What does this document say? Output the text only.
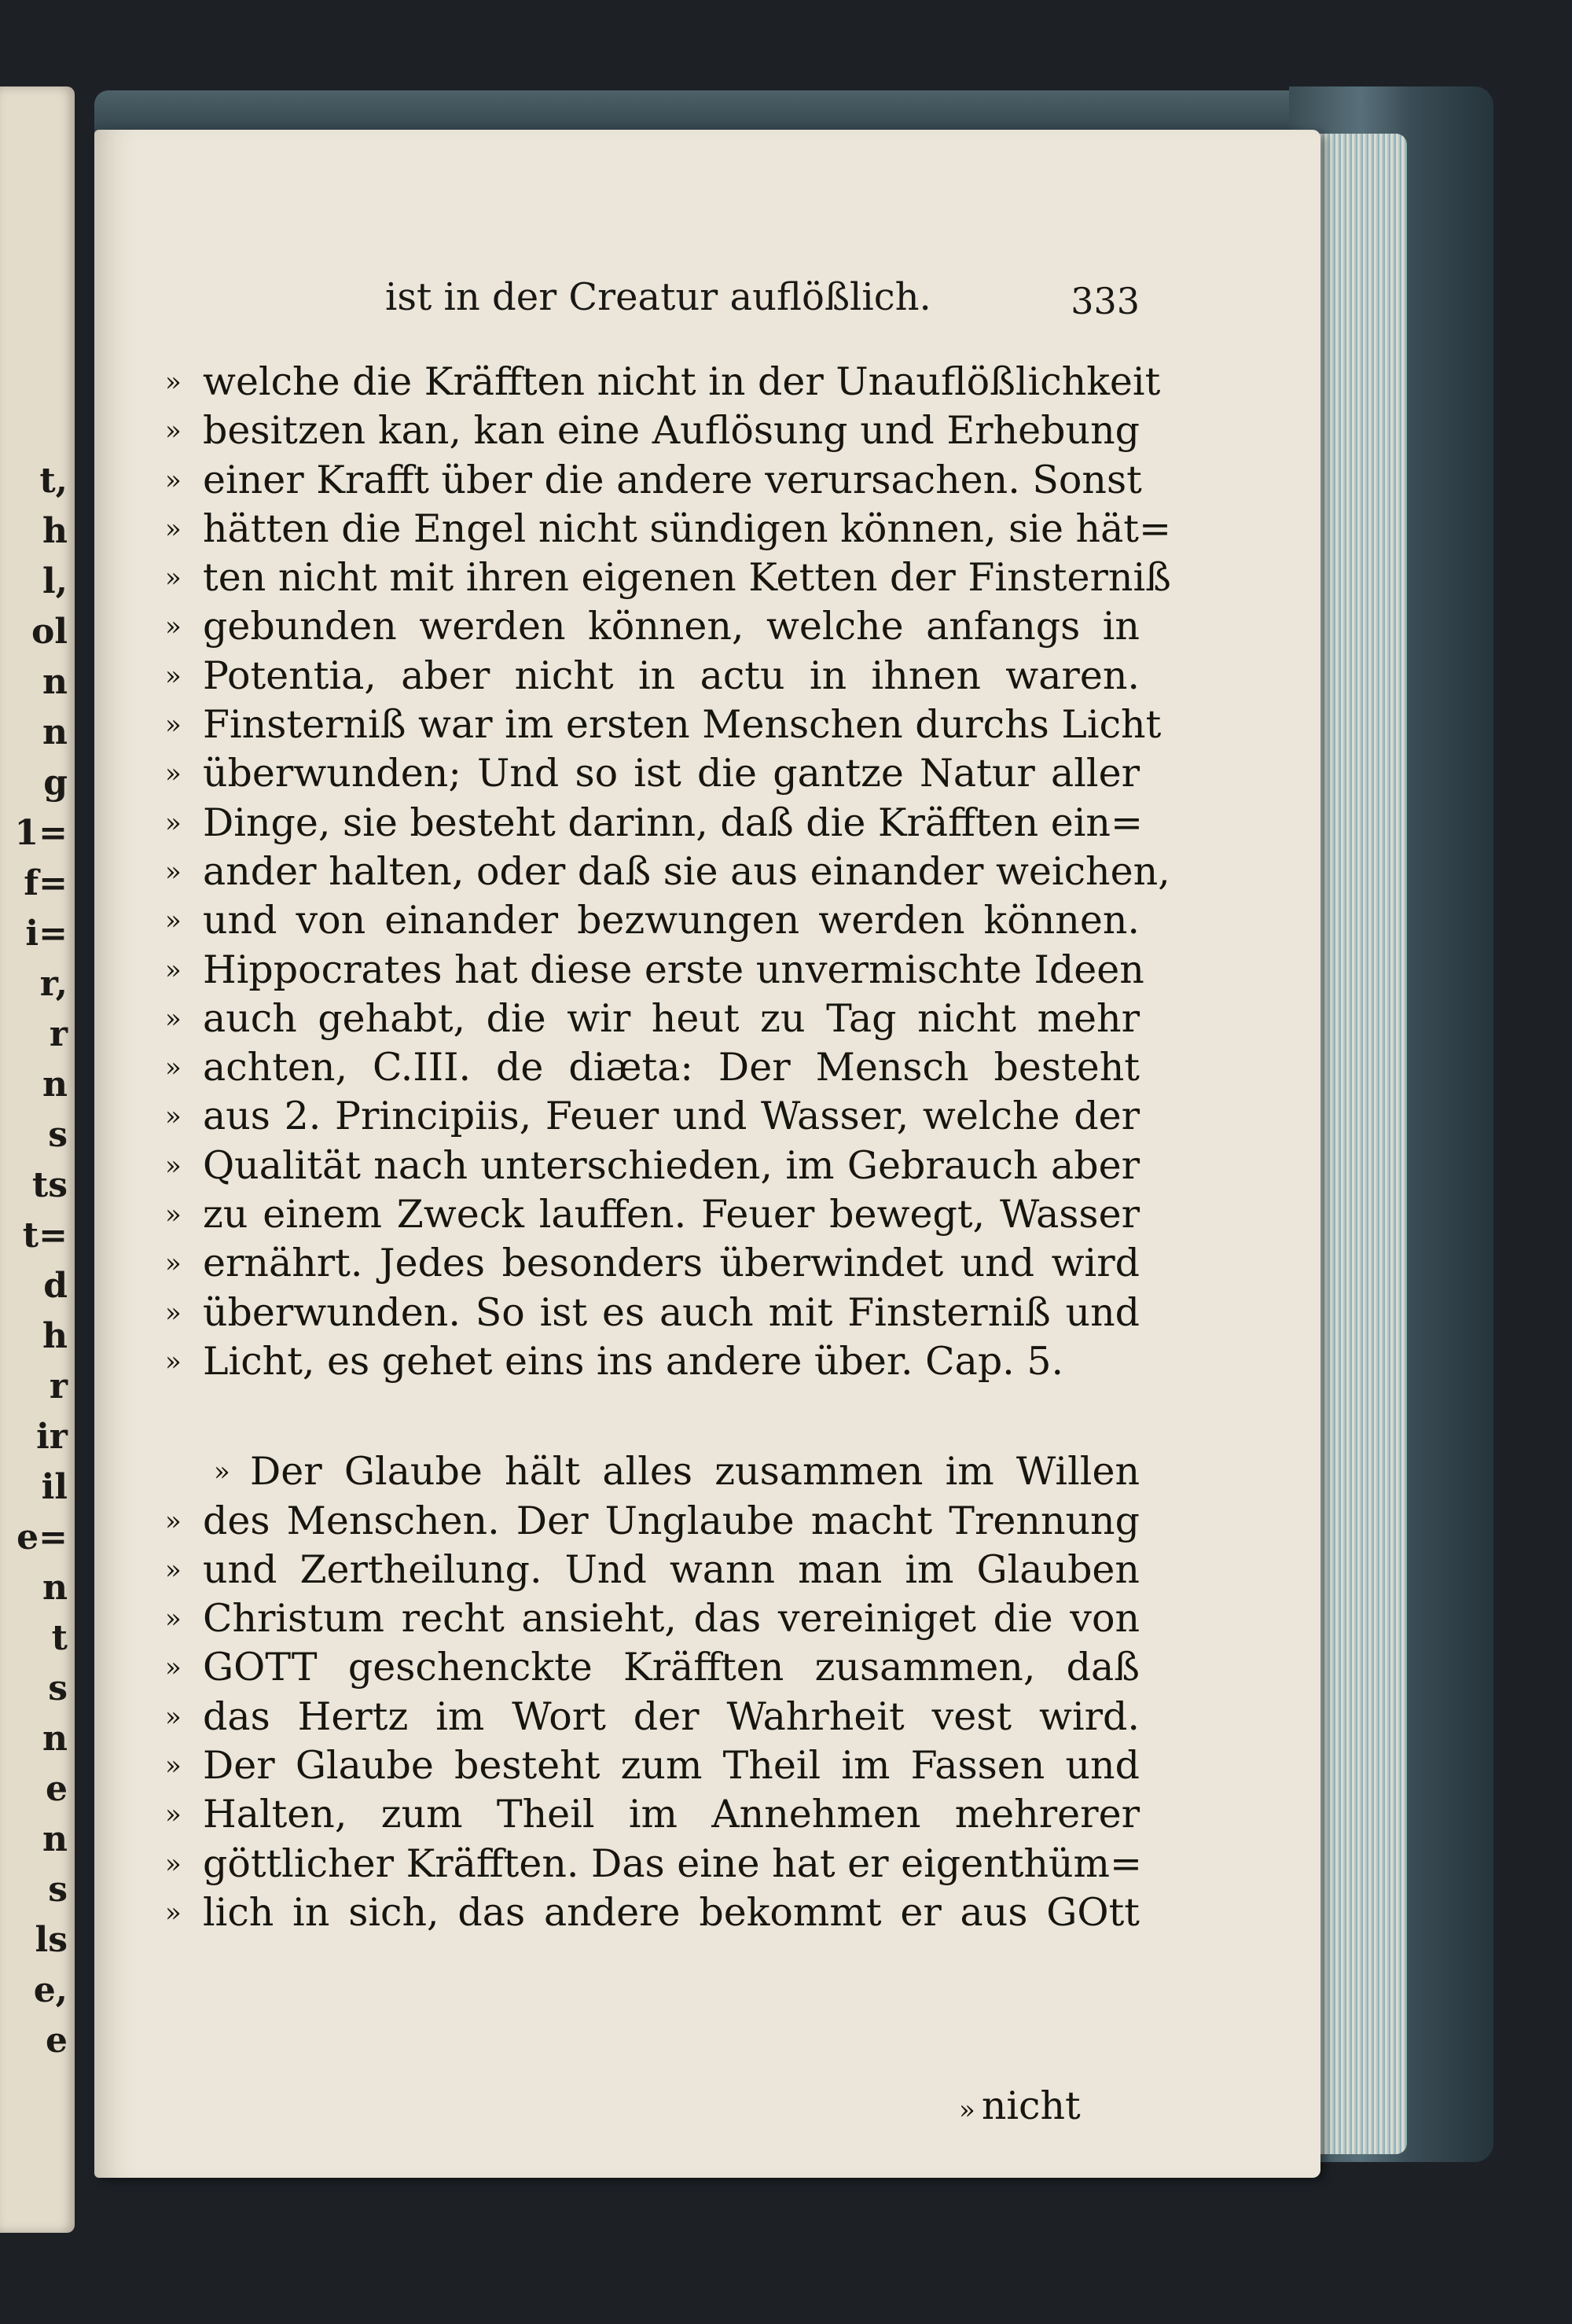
t,
h
l,
ol
n
n
g
1=
f=
i=
r,
r
n
s
ts
t=
d
h
r
ir
il
e=
n
t
s
n
e
n
s
ls
e,
e
ist in der Creatur auflößlich.	333
» welche die Kräfften nicht in der Unauflößlichkeit
» besitzen kan, kan eine Auflösung und Erhebung
» einer Krafft über die andere verursachen. Sonst
» hätten die Engel nicht sündigen können, sie hät=
» ten nicht mit ihren eigenen Ketten der Finsterniß
» gebunden werden können, welche anfangs in
» Potentia, aber nicht in actu in ihnen waren.
» Finsterniß war im ersten Menschen durchs Licht
» überwunden; Und so ist die gantze Natur aller
» Dinge, sie besteht darinn, daß die Kräfften ein=
» ander halten, oder daß sie aus einander weichen,
» und von einander bezwungen werden können.
» Hippocrates hat diese erste unvermischte Ideen
» auch gehabt, die wir heut zu Tag nicht mehr
» achten, C.III. de diæta: Der Mensch besteht
» aus 2. Principiis, Feuer und Wasser, welche der
» Qualität nach unterschieden, im Gebrauch aber
» zu einem Zweck lauffen. Feuer bewegt, Wasser
» ernährt. Jedes besonders überwindet und wird
» überwunden. So ist es auch mit Finsterniß und
» Licht, es gehet eins ins andere über. Cap. 5.
» Der Glaube hält alles zusammen im Willen
» des Menschen. Der Unglaube macht Trennung
» und Zertheilung. Und wann man im Glauben
» Christum recht ansieht, das vereiniget die von
» GOTT geschenckte Kräfften zusammen, daß
» das Hertz im Wort der Wahrheit vest wird.
» Der Glaube besteht zum Theil im Fassen und
» Halten, zum Theil im Annehmen mehrerer
» göttlicher Kräfften. Das eine hat er eigenthüm=
» lich in sich, das andere bekommt er aus GOtt
» nicht
